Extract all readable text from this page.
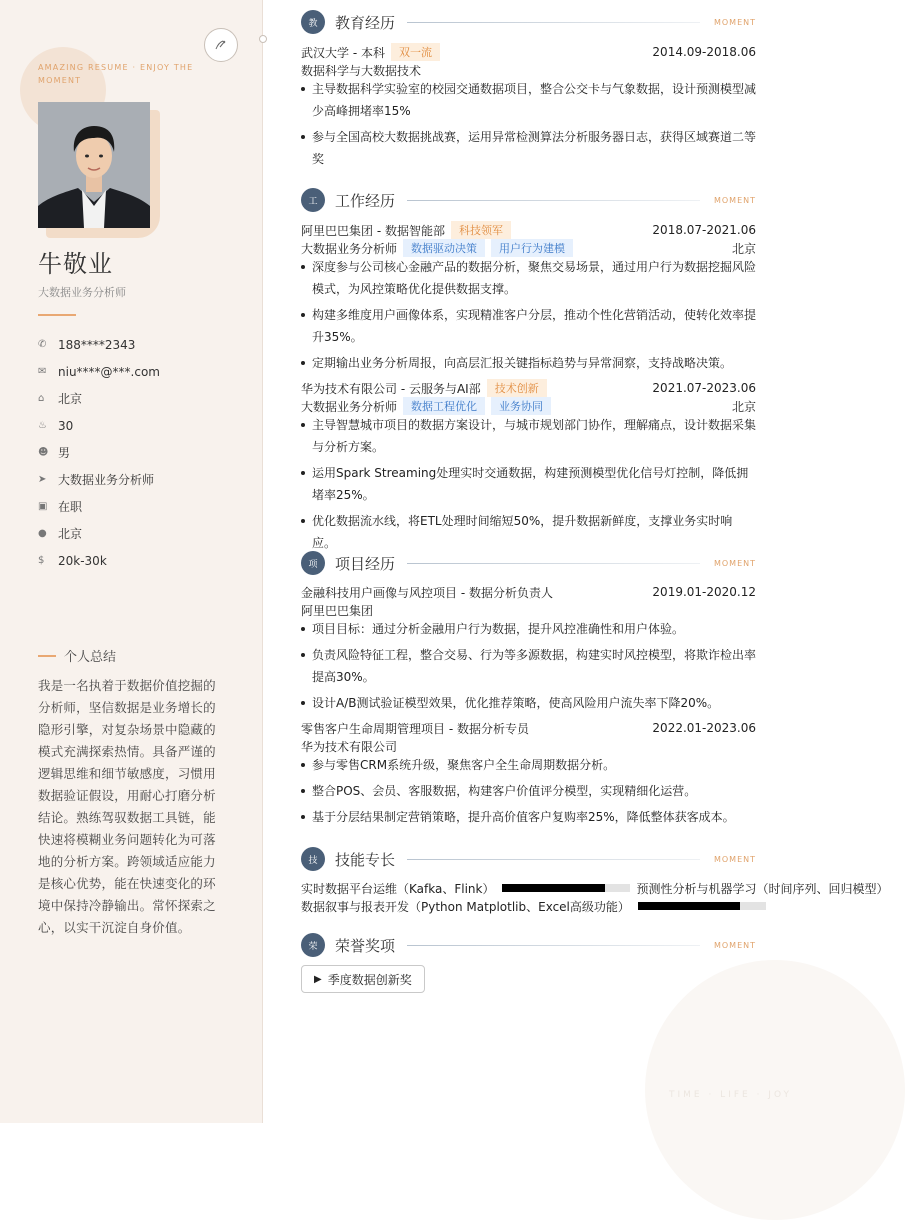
AMAZING RESUME · ENJOY THE MOMENT
牛敬业
大数据业务分析师
✆ 188****2343
✉ niu****@***.com
⌂	北京
♨ 30
☻ 男
➤ 大数据业务分析师
▣ 在职
● 北京
$	20k-30k
个人总结
我是一名执着于数据价值挖掘的分析师，坚信数据是业务增长的隐形引擎，对复杂场景中隐藏的模式充满探索热情。具备严谨的逻辑思维和细节敏感度，习惯用数据验证假设，用耐心打磨分析结论。熟练驾驭数据工具链，能快速将模糊业务问题转化为可落地的分析方案。跨领域适应能力是核心优势，能在快速变化的环境中保持冷静输出。常怀探索之心，以实干沉淀自身价值。
TIME · LIFE · JOY
教	教育经历	MOMENT
武汉大学 - 本科	双一流	2014.09-2018.06
数据科学与大数据技术
主导数据科学实验室的校园交通数据项目，整合公交卡与气象数据，设计预测模型减少高峰拥堵率15%
参与全国高校大数据挑战赛，运用异常检测算法分析服务器日志，获得区域赛道二等奖
工	工作经历	MOMENT
阿里巴巴集团 - 数据智能部	科技领军	2018.07-2021.06
大数据业务分析师	数据驱动决策	用户行为建模	北京
深度参与公司核心金融产品的数据分析，聚焦交易场景，通过用户行为数据挖掘风险模式，为风控策略优化提供数据支撑。
构建多维度用户画像体系，实现精准客户分层，推动个性化营销活动，使转化效率提升35%。
定期输出业务分析周报，向高层汇报关键指标趋势与异常洞察，支持战略决策。
华为技术有限公司 - 云服务与AI部	技术创新	2021.07-2023.06
大数据业务分析师	数据工程优化	业务协同	北京
主导智慧城市项目的数据方案设计，与城市规划部门协作，理解痛点，设计数据采集与分析方案。
运用Spark Streaming处理实时交通数据，构建预测模型优化信号灯控制，降低拥堵率25%。
优化数据流水线，将ETL处理时间缩短50%，提升数据新鲜度，支撑业务实时响应。
项	项目经历	MOMENT
金融科技用户画像与风控项目 - 数据分析负责人	2019.01-2020.12
阿里巴巴集团
项目目标：通过分析金融用户行为数据，提升风控准确性和用户体验。
负责风险特征工程，整合交易、行为等多源数据，构建实时风控模型，将欺诈检出率提高30%。
设计A/B测试验证模型效果，优化推荐策略，使高风险用户流失率下降20%。
零售客户生命周期管理项目 - 数据分析专员	2022.01-2023.06
华为技术有限公司
参与零售CRM系统升级，聚焦客户全生命周期数据分析。
整合POS、会员、客服数据，构建客户价值评分模型，实现精细化运营。
基于分层结果制定营销策略，提升高价值客户复购率25%，降低整体获客成本。
技	技能专长	MOMENT
实时数据平台运维（Kafka、Flink）	预测性分析与机器学习（时间序列、回归模型）
数据叙事与报表开发（Python Matplotlib、Excel高级功能）
荣	荣誉奖项	MOMENT
▶ 季度数据创新奖
